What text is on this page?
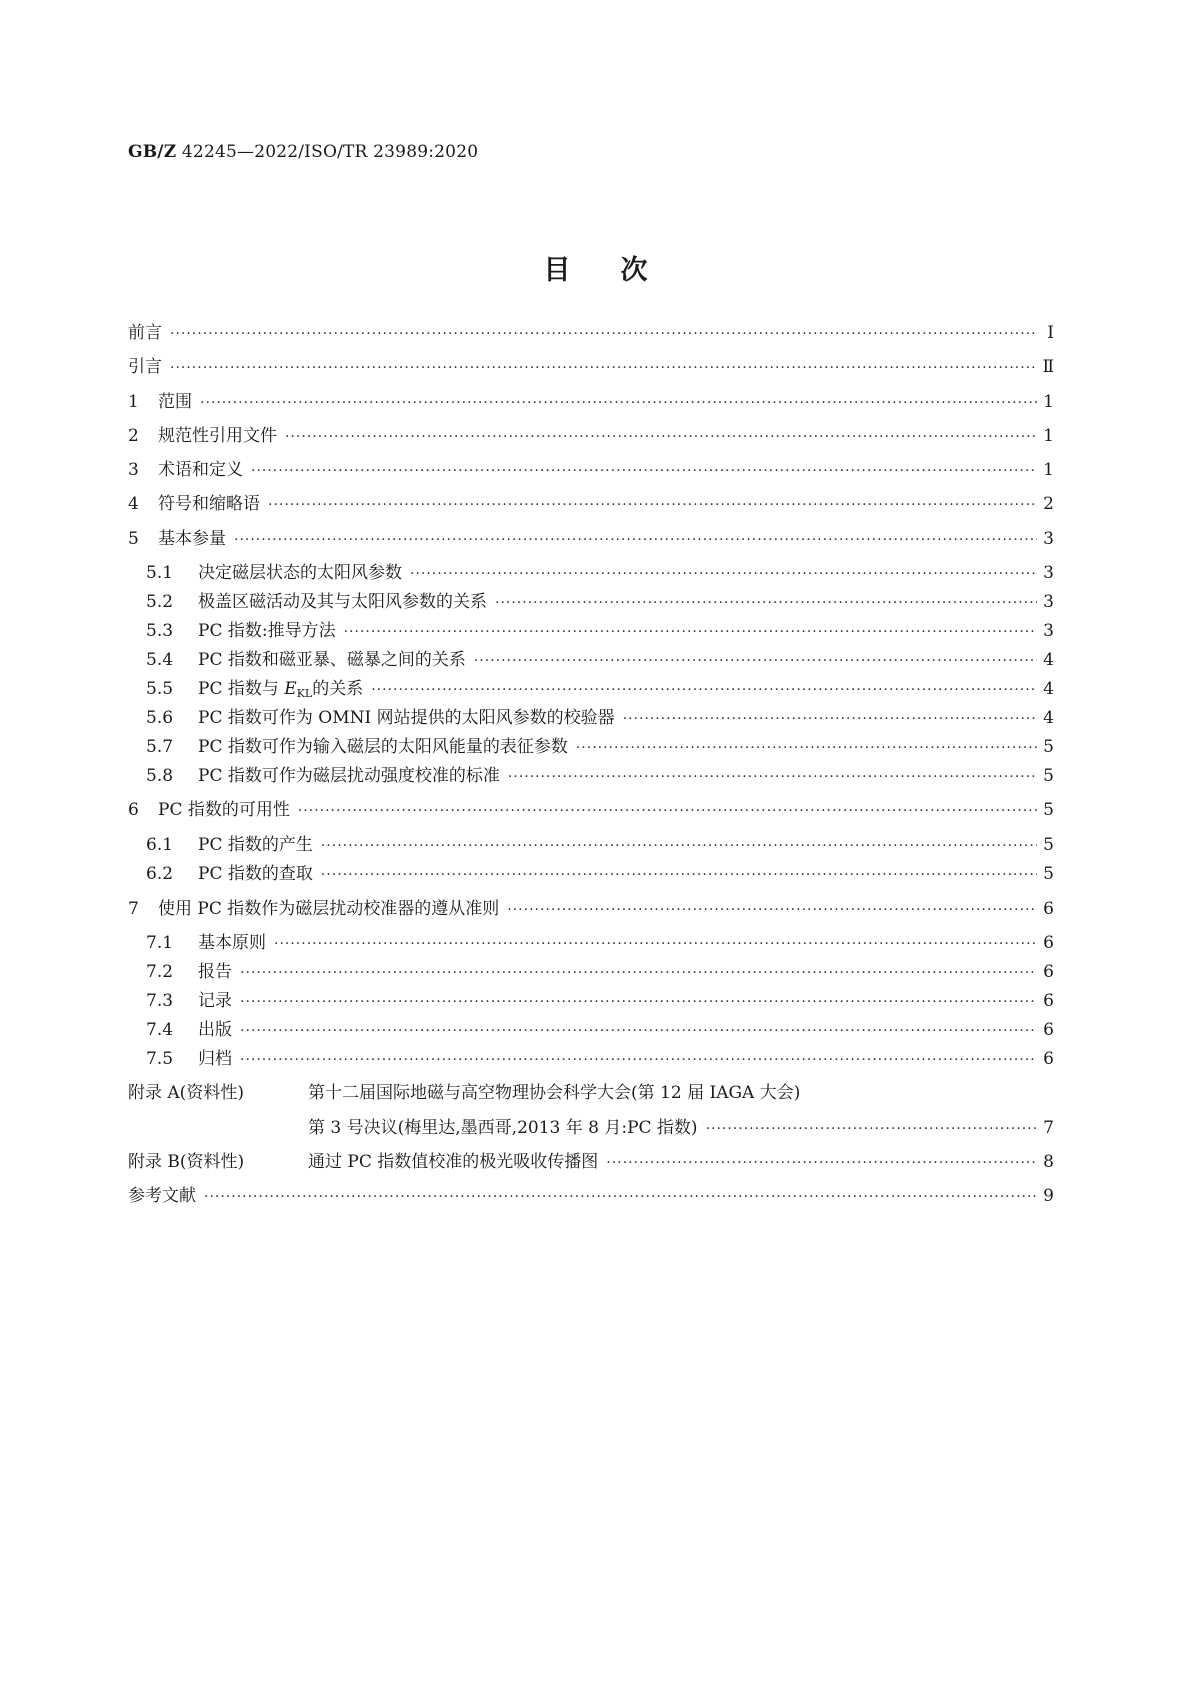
GB/Z 42245—2022/ISO/TR 23989:2020
目次
前言 ·····	Ⅰ
引言 ·····	Ⅱ
1	范围 ·····	1
2	规范性引用文件 ·····	1
3	术语和定义 ·····	1
4	符号和缩略语 ·····	2
5	基本参量 ·····	3
5.1	决定磁层状态的太阳风参数 ·····	3
5.2	极盖区磁活动及其与太阳风参数的关系 ·····	3
5.3	PC 指数:推导方法 ·····	3
5.4	PC 指数和磁亚暴、磁暴之间的关系 ·····	4
5.5	PC 指数与 $E_{KL}$的关系 ·····	4
5.6	PC 指数可作为 OMNI 网站提供的太阳风参数的校验器 ·····	4
5.7	PC 指数可作为输入磁层的太阳风能量的表征参数 ·····	5
5.8	PC 指数可作为磁层扰动强度校准的标准 ·····	5
6	PC 指数的可用性 ·····	5
6.1	PC 指数的产生 ·····	5
6.2	PC 指数的查取 ·····	5
7	使用 PC 指数作为磁层扰动校准器的遵从准则 ·····	6
7.1	基本原则 ·····	6
7.2	报告 ·····	6
7.3	记录 ·····	6
7.4	出版 ·····	6
7.5	归档 ·····	6
附录 A(资料性)	第十二届国际地磁与高空物理协会科学大会(第 12 届 IAGA 大会)
第 3 号决议(梅里达,墨西哥,2013 年 8 月:PC 指数) ·····	7
附录 B(资料性)	通过 PC 指数值校准的极光吸收传播图 ·····	8
参考文献 ·····	9
